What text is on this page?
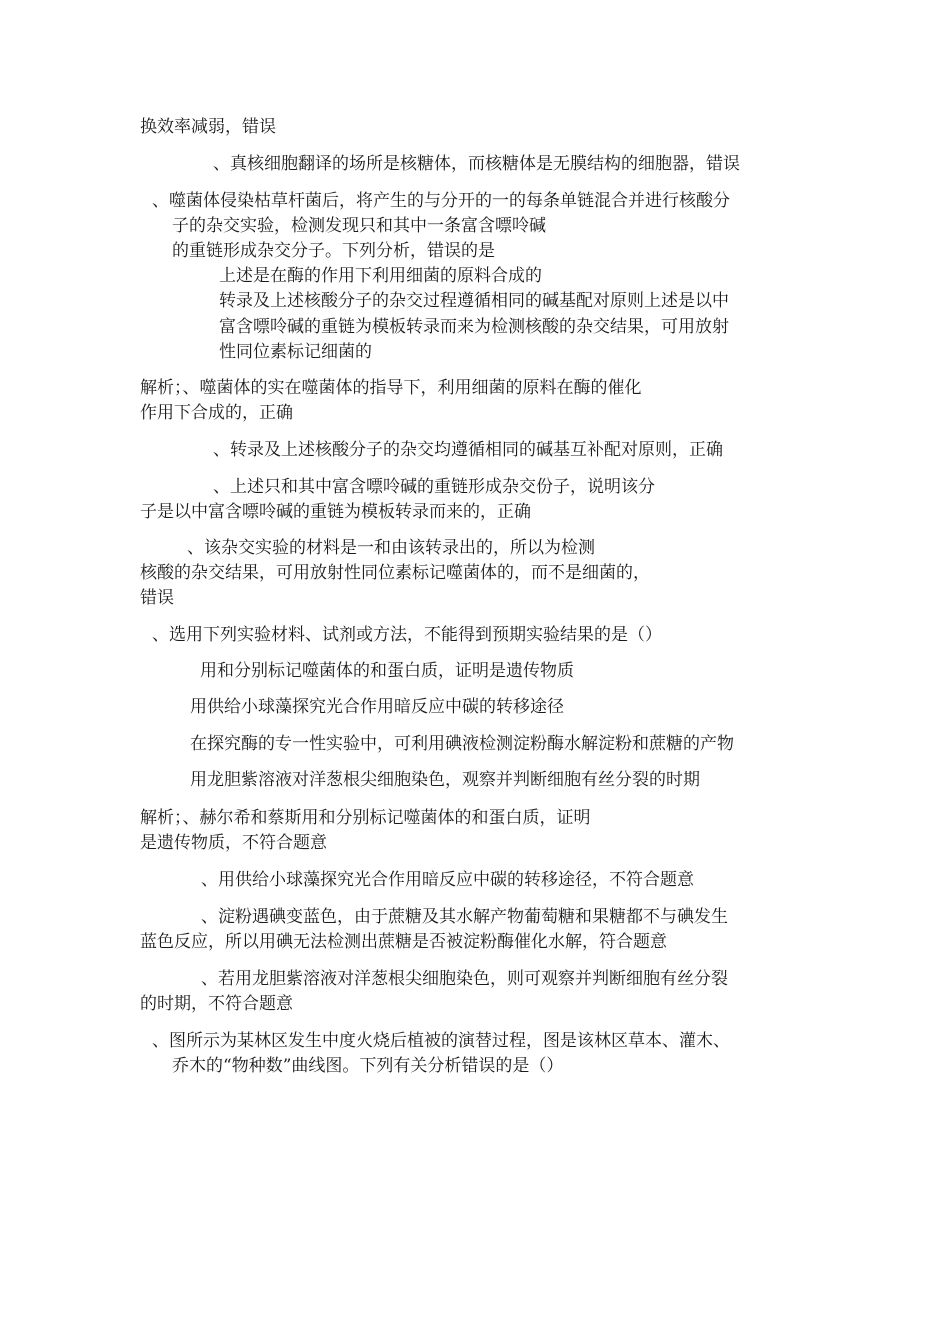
换效率减弱，错误
、真核细胞翻译的场所是核糖体，而核糖体是无膜结构的细胞器，错误
、噬菌体侵染枯草杆菌后，将产生的与分开的一的每条单链混合并进行核酸分
子的杂交实验，检测发现只和其中一条富含嘌呤碱
的重链形成杂交分子。下列分析，错误的是
上述是在酶的作用下利用细菌的原料合成的
转录及上述核酸分子的杂交过程遵循相同的碱基配对原则上述是以中
富含嘌呤碱的重链为模板转录而来为检测核酸的杂交结果，可用放射
性同位素标记细菌的
解析；、噬菌体的实在噬菌体的指导下，利用细菌的原料在酶的催化
作用下合成的，正确
、转录及上述核酸分子的杂交均遵循相同的碱基互补配对原则，正确
、上述只和其中富含嘌呤碱的重链形成杂交份子，说明该分
子是以中富含嘌呤碱的重链为模板转录而来的，正确
、该杂交实验的材料是一和由该转录出的，所以为检测
核酸的杂交结果，可用放射性同位素标记噬菌体的，而不是细菌的，
错误
、选用下列实验材料、试剂或方法，不能得到预期实验结果的是（）
用和分别标记噬菌体的和蛋白质，证明是遗传物质
用供给小球藻探究光合作用暗反应中碳的转移途径
在探究酶的专一性实验中，可利用碘液检测淀粉酶水解淀粉和蔗糖的产物
用龙胆紫溶液对洋葱根尖细胞染色，观察并判断细胞有丝分裂的时期
解析；、赫尔希和蔡斯用和分别标记噬菌体的和蛋白质，证明
是遗传物质，不符合题意
、用供给小球藻探究光合作用暗反应中碳的转移途径，不符合题意
、淀粉遇碘变蓝色，由于蔗糖及其水解产物葡萄糖和果糖都不与碘发生
蓝色反应，所以用碘无法检测出蔗糖是否被淀粉酶催化水解，符合题意
、若用龙胆紫溶液对洋葱根尖细胞染色，则可观察并判断细胞有丝分裂
的时期，不符合题意
、图所示为某林区发生中度火烧后植被的演替过程，图是该林区草本、灌木、
乔木的“物种数”曲线图。下列有关分析错误的是（）
